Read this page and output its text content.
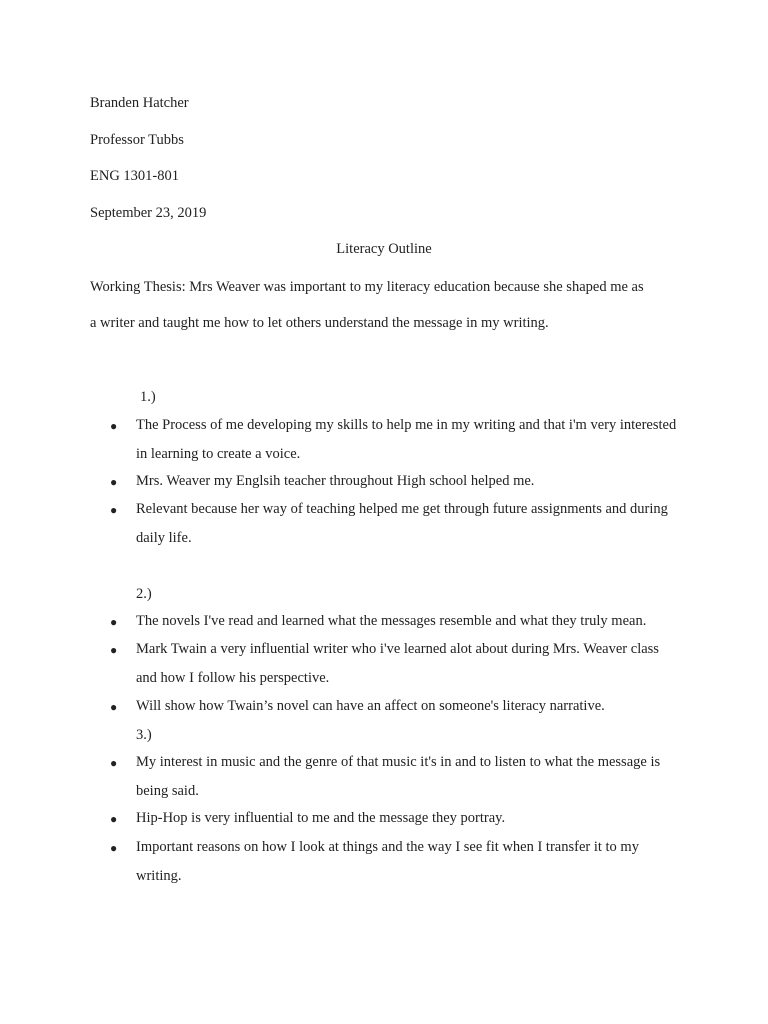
Branden Hatcher
Professor Tubbs
ENG 1301-801
September 23, 2019
Literacy Outline
Working Thesis: Mrs Weaver was important to my literacy education because she shaped me as
a writer and taught me how to let others understand the message in my writing.
1.)
●	The Process of me developing my skills to help me in my writing and that i'm very interested in learning to create a voice.
●	Mrs. Weaver my Englsih teacher throughout High school helped me.
●	Relevant because her way of teaching helped me get through future assignments and during daily life.
2.)
●	The novels I've read and learned what the messages resemble and what they truly mean.
●	Mark Twain a very influential writer who i've learned alot about during Mrs. Weaver class and how I follow his perspective.
●	Will show how Twain’s novel can have an affect on someone's literacy narrative.
3.)
●	My interest in music and the genre of that music it's in and to listen to what the message is being said.
●	Hip-Hop is very influential to me and the message they portray.
●	Important reasons on how I look at things and the way I see fit when I transfer it to my writing.
